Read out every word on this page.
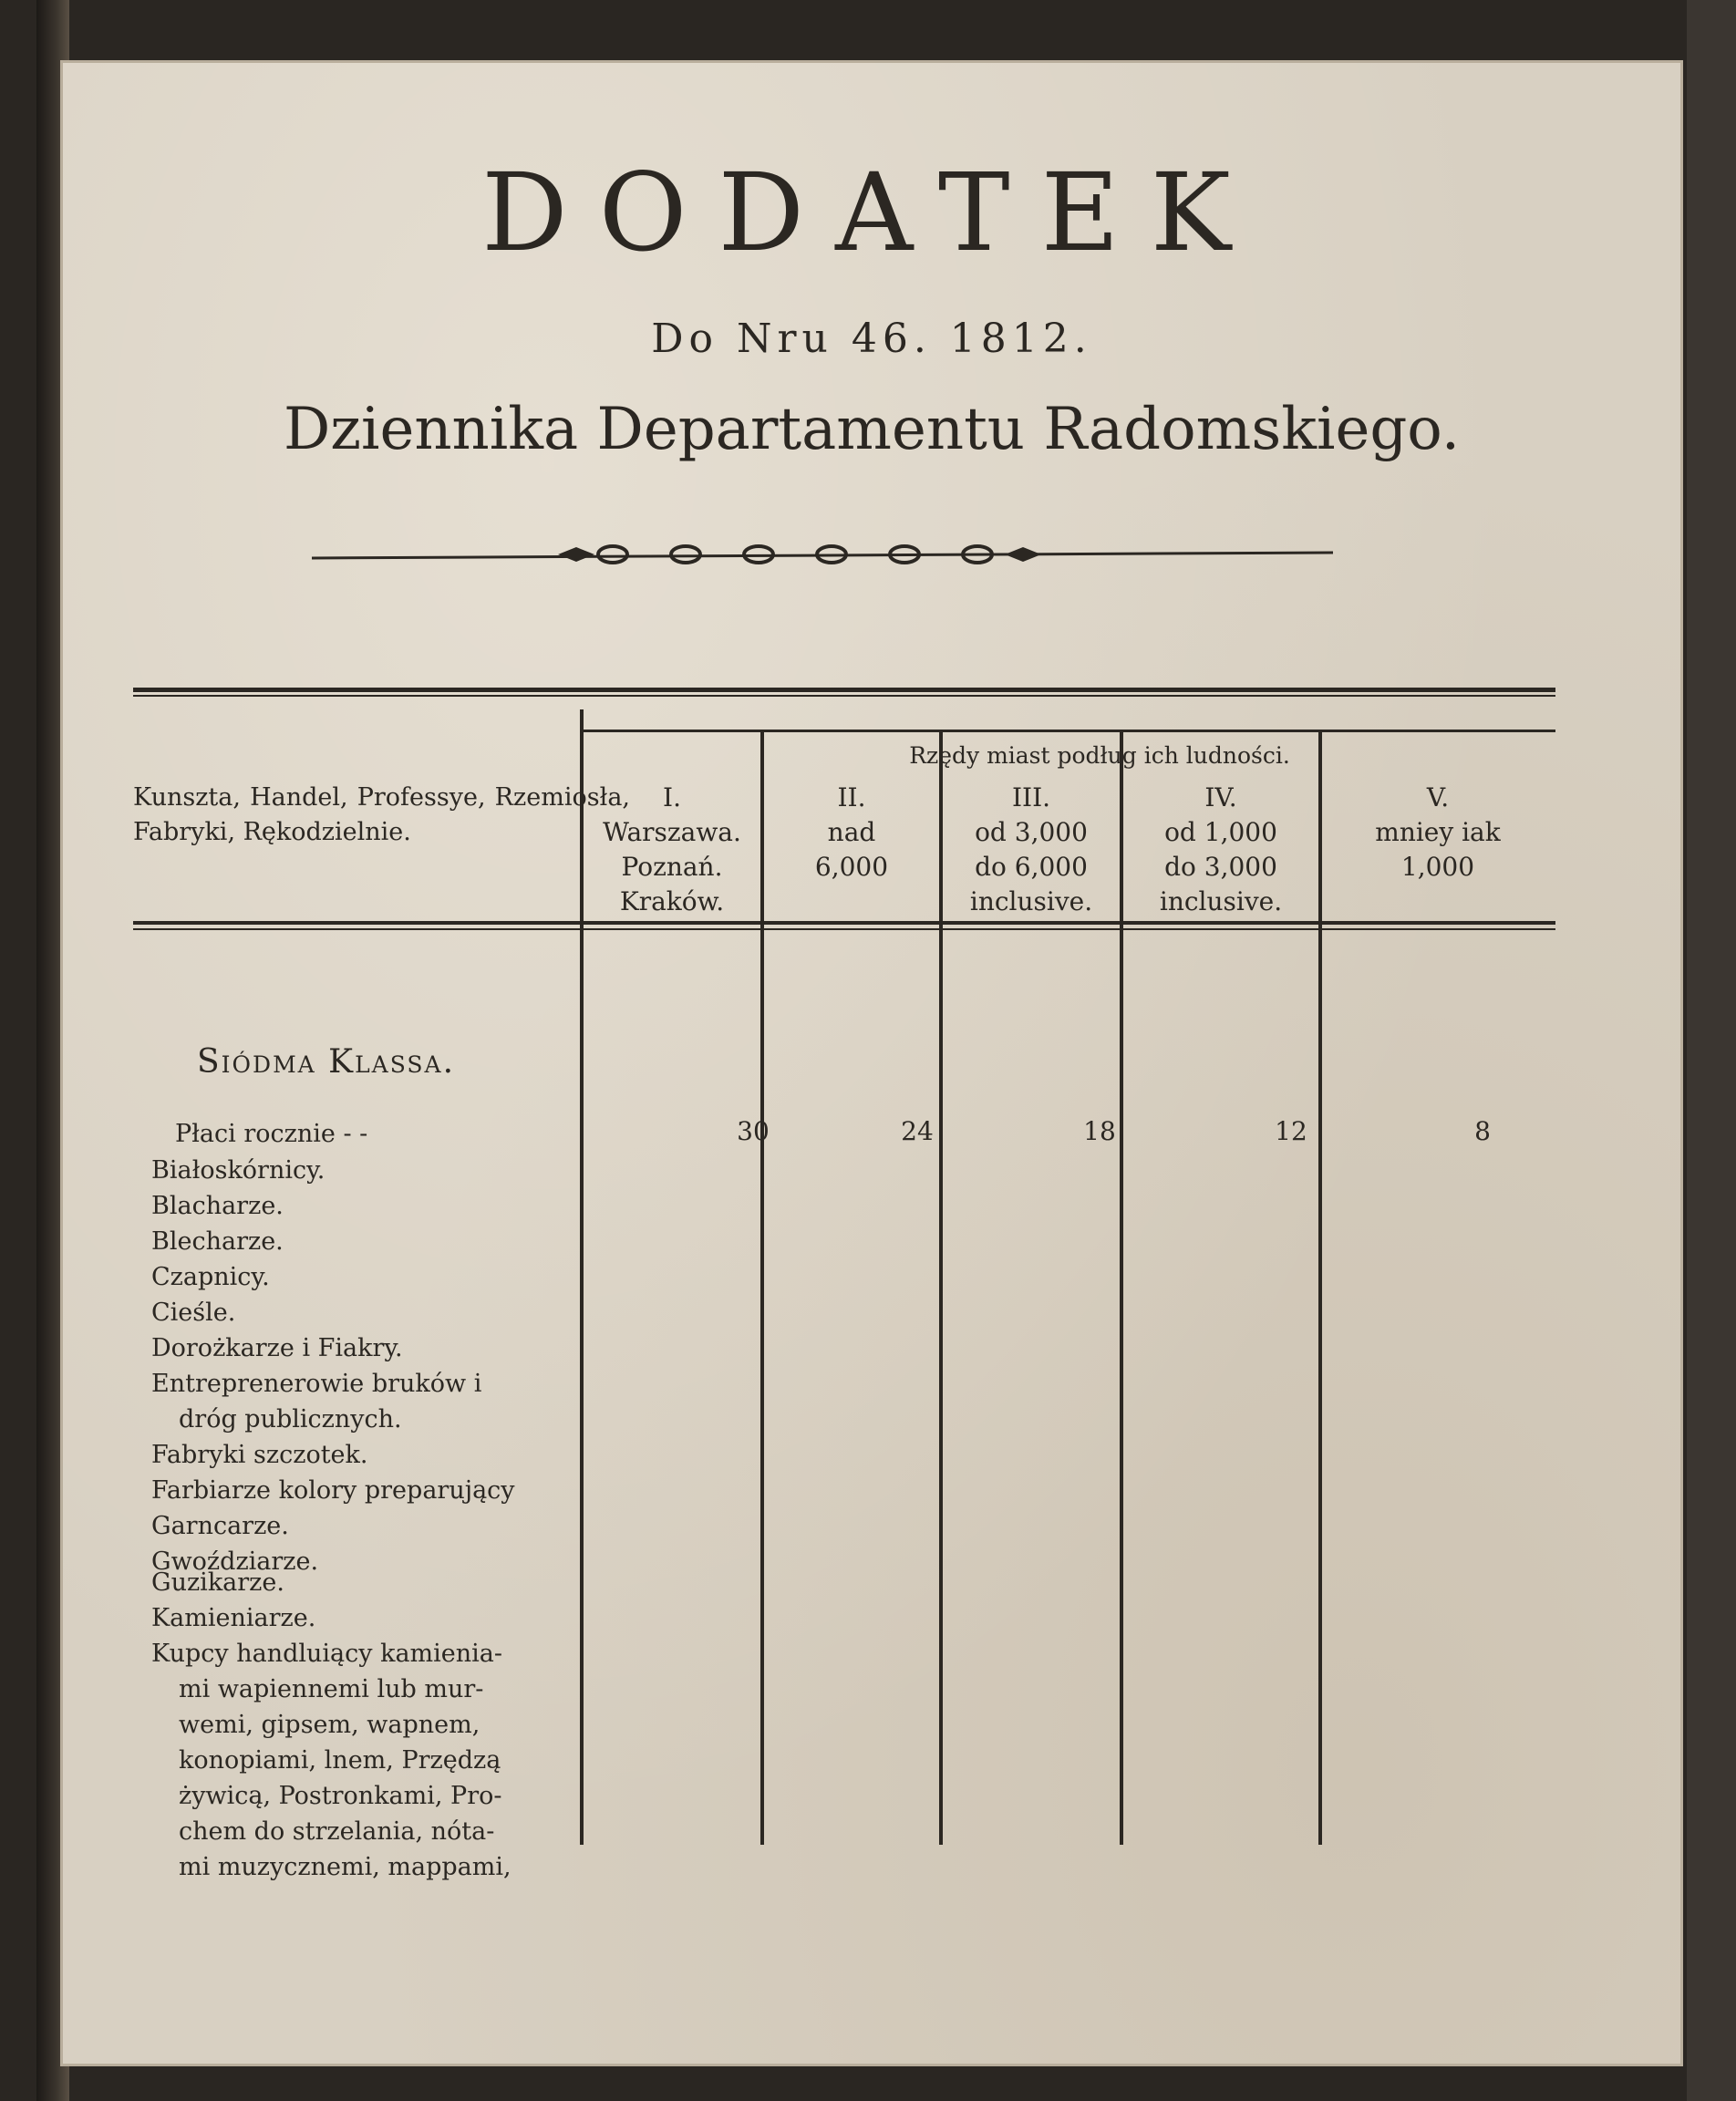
DODATEK
Do Nru 46. 1812.
Dziennika Departamentu Radomskiego.
Kunszta, Handel, Professye, Rzemiosła, Fabryki, Rękodzielnie.
Rzędy miast podług ich ludności.
I.
Warszawa.
Poznań.
Kraków.
II.
nad
6,000
III.
od 3,000
do 6,000
inclusive.
IV.
od 1,000
do 3,000
inclusive.
V.
mniey iak
1,000
Siódma Klassa.
Płaci rocznie - -	30	24	18	12	8
Białoskórnicy.
Blacharze.
Blecharze.
Czapnicy.
Cieśle.
Dorożkarze i Fiakry.
Entreprenerowie bruków i
dróg publicznych.
Fabryki szczotek.
Farbiarze kolory preparujący
Garncarze.
Gwoździarze.
Guzikarze.
Kamieniarze.
Kupcy handluiący kamienia-
mi wapiennemi lub mur-
wemi, gipsem, wapnem,
konopiami, lnem, Przędzą
żywicą, Postronkami, Pro-
chem do strzelania, nóta-
mi muzycznemi, mappami,
